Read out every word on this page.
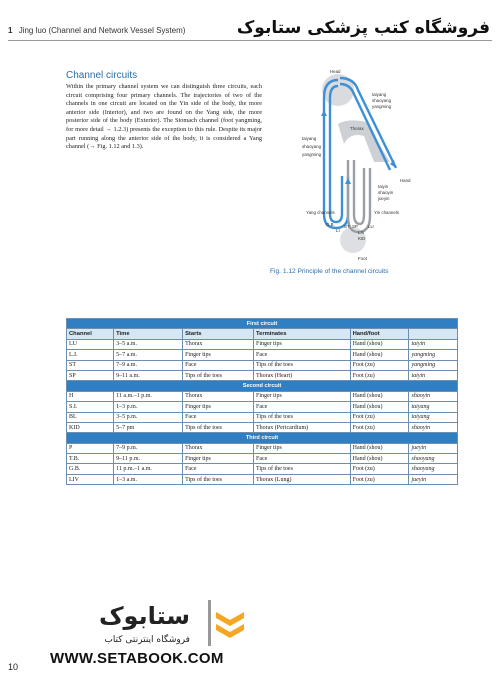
1 Jing luo (Channel and Network Vessel System)	فروشگاه کتب پزشکی ستابوک
Channel circuits
Within the primary channel system we can distinguish three circuits, each circuit comprising four primary channels. The trajectories of two of the channels in one circuit are located on the Yin side of the body, the more anterior side (Interior), and two are found on the Yang side, the more posterior side of the body (Exterior). The Stomach channel (foot yangming, for more detail → 1.2.3) presents the exception to this rule. Despite its major part running along the anterior side of the body, it is considered a Yang channel (→ Fig. 1.12 and 1.3).
Head
Thorax
Hand
Foot
Yang channels	Yin channels
taiyang
shaoyang
yangming
taiyang
shaoyang
yangming
taiyin
shaoyin
jueyin
LI
ST SP
G.B.
LIV
KID
LU
Fig. 1.12 Principle of the channel circuits
First circuit					
Channel	Time	Starts	Terminates	Hand/foot	
LU	3–5 a.m.	Thorax	Finger tips	Hand (shou)	taiyin
L.I.	5–7 a.m.	Finger tips	Face	Hand (shou)	yangming
ST	7–9 a.m.	Face	Tips of the toes	Foot (zu)	yangming
SP	9–11 a.m.	Tips of the toes	Thorax (Heart)	Foot (zu)	taiyin
Second circuit					
H	11 a.m.–1 p.m.	Thorax	Finger tips	Hand (shou)	shaoyin
S.I.	1–3 p.m.	Finger tips	Face	Hand (shou)	taiyang
BL	3–5 p.m.	Face	Tips of the toes	Foot (zu)	taiyang
KID	5–7 pm	Tips of the toes	Thorax (Pericardium)	Foot (zu)	shaoyin
Third circuit					
P	7–9 p.m.	Thorax	Finger tips	Hand (shou)	jueyin
T.B.	9–11 p.m.	Finger tips	Face	Hand (shou)	shaoyang
G.B.	11 p.m.–1 a.m.	Face	Tips of the toes	Foot (zu)	shaoyang
LIV	1–3 a.m.	Tips of the toes	Thorax (Lung)	Foot (zu)	jueyin
ستابوک
فروشگاه اینترنتی کتاب
WWW.SETABOOK.COM
10
